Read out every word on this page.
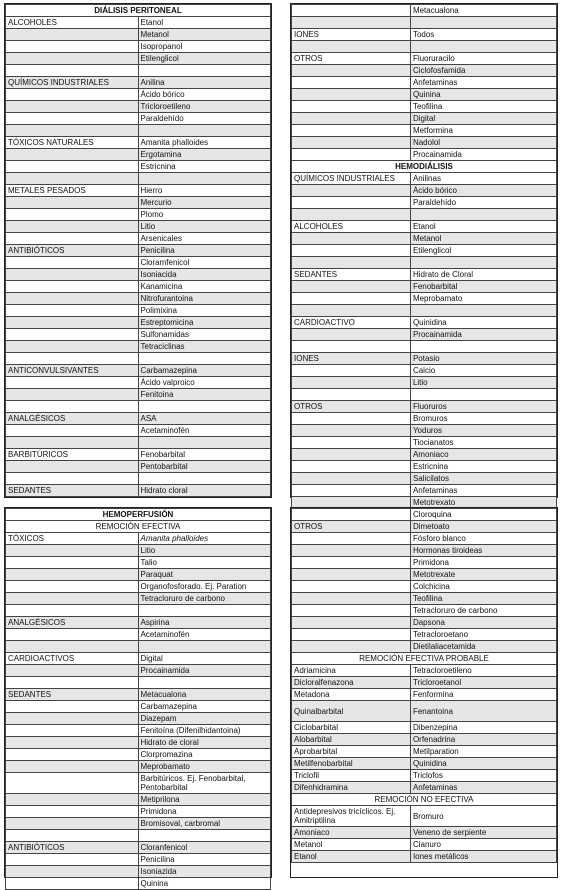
DIÁLISIS PERITONEAL	
ALCOHOLES	Etanol
	Metanol
	Isopropanol
	Etilenglicol

QUÍMICOS INDUSTRIALES	Anilina
	Ácido bórico
	Tricloroetileno
	Paraldehído

TÓXICOS NATURALES	Amanita phalloides
	Ergotamina
	Estricnina

METALES PESADOS	Hierro
	Mercurio
	Plomo
	Litio
	Arsenicales
ANTIBIÓTICOS	Penicilina
	Cloramfenicol
	Isoniacida
	Kanamicina
	Nitrofurantoina
	Polimixina
	Estreptomicina
	Sulfonamidas
	Tetraciclinas

ANTICONVULSIVANTES	Carbamazepina
	Ácido valproico
	Fenitoina

ANALGÉSICOS	ASA
	Acetaminofén

BARBITÚRICOS	Fenobarbital
	Pentobarbital

SEDANTES	Hidrato cloral
	Metacualona

IONES	Todos

OTROS	Fluoruracilo
	Ciclofosfamida
	Anfetaminas
	Quinina
	Teofilina
	Digital
	Metformina
	Nadolol
	Procainamida
HEMODIÁLISIS	
QUÍMICOS INDUSTRIALES	Anilinas
	Ácido bórico
	Paraldehído

ALCOHOLES	Etanol
	Metanol
	Etilenglicol

SEDANTES	Hidrato de Cloral
	Fenobarbital
	Meprobamato

CARDIOACTIVO	Quinidina
	Procainamida

IONES	Potasio
	Calcio
	Litio

OTROS	Fluoruros
	Bromuros
	Yoduros
	Tiocianatos
	Amoniaco
	Estricnina
	Salicilatos
	Anfetaminas
	Metotrexato
HEMOPERFUSIÓN	
REMOCIÓN EFECTIVA	
TÓXICOS	Amanita phalloides
	Litio
	Talio
	Paraquat
	Organofosforado. Ej. Paration
	Tetracloruro de carbono

ANALGÉSICOS	Aspirina
	Acetaminofén

CARDIOACTIVOS	Digital
	Procainamida

SEDANTES	Metacualona
	Carbamazepina
	Diazepam
	Fenitoína (Difenilhidantoina)
	Hidrato de cloral
	Clorpromazina
	Meprobamato
	Barbitúricos. Ej. Fenobarbital, Pentobarbital
	Metiprilona
	Primidona
	Bromisoval, carbromal

ANTIBIÓTICOS	Cloranfenicol
	Penicilina
	Isoniazida
	Quinina
	Cloroquina
OTROS	Dimetoato
	Fósforo blanco
	Hormonas tiroideas
	Primidona
	Metotrexate
	Colchicina
	Teofilina
	Tetracloruro de carbono
	Dapsona
	Tetracloroetano
	Dietilaliacetamida
REMOCIÓN EFECTIVA PROBABLE	
Adriamicina	Tetracloroetileno
Dicloralfenazona	Tricloroetanol
Metadona	Fenformina
Quinalbarbital	Fenantoina
Ciclobarbital	Dibenzepina
Alobarbital	Orfenadrina
Aprobarbital	Metilparation
Metilfenobarbital	Quinidina
Triclofil	Triclofos
Difenhidramina	Anfetaminas
REMOCIÓN NO EFECTIVA	
Antidepresivos tricíclicos. Ej. Amitriptilina	Bromuro
Amoniaco	Veneno de serpiente
Metanol	Cianuro
Etanol	Iones metálicos
